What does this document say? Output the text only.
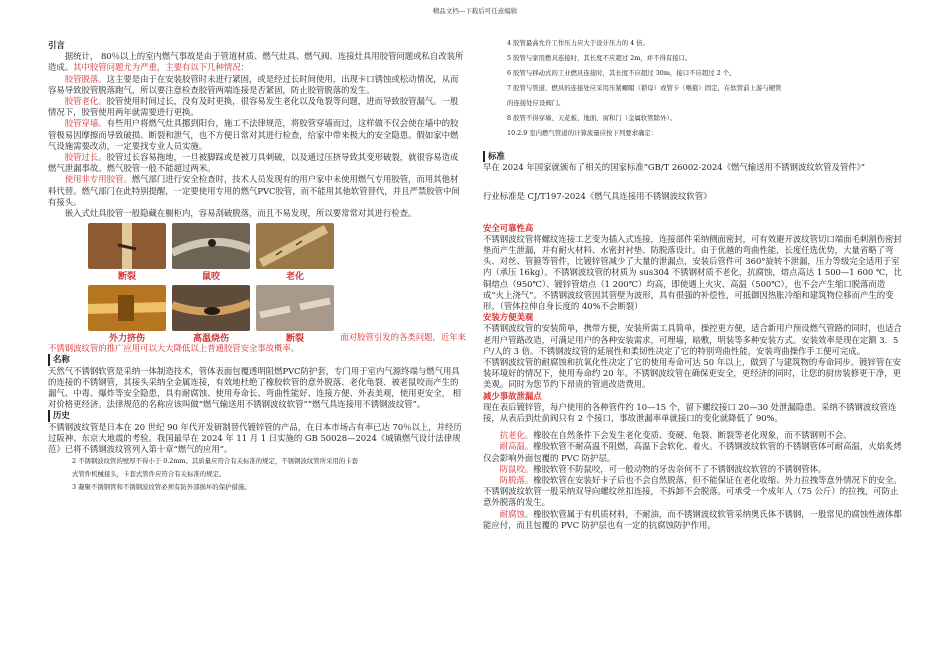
精品文档---下载后可任意编辑
引言

据统计， 80％以上的室内燃气事故是由于管道材质、燃气灶具、燃气阀、连接灶具用胶管问题或私自改装所造成。其中胶管问题尤为严重，主要有以下几种情况：

胶管脱落。这主要是由于在安装胶管时未进行紧固，或是经过长时间使用，出现卡口锈蚀或松动情况，从而容易导致胶管脱落跑气，所以要注意检查胶管两端连接是否紧固，防止胶管脱落的发生。

胶管老化。胶管使用时间过长，没有及时更换，很容易发生老化以及龟裂等问题，进而导致胶管漏气。一般情况下，胶管使用两年就需要进行更换。

胶管穿墙。有些用户将燃气灶具挪到阳台，施工不法律规范，将胶管穿墙而过，这样做不仅会使在墙中的胶管极易因摩擦而导致破损、断裂和泄气，也不方便日常对其进行检查，给家中带来极大的安全隐患。假如家中燃气设施需要改动，一定要找专业人员实施。

胶管过长。胶管过长容易拖地，一旦被脚踩或是被刀具刺破，以及通过压挤导致其变形破裂，就很容易造成燃气泄漏事故。燃气胶管一般不能超过两米。

使用非专用胶管。燃气部门进行安全检查时，技术人员发现有的用户家中未使用燃气专用胶管，而用其他材料代替。燃气部门在此特别提醒，一定要使用专用的燃气PVC胶管，而不能用其他软管替代，并且严禁胶管中间有接头。

嵌入式灶具胶管一般隐藏在橱柜内，容易刮破脱落，而且不易发现，所以要常常对其进行检查。

断裂	鼠咬	老化
外力挤伤	高温烧伤	断裂	面对胶管引发的各类问题，近年来
不锈钢波纹管的推广应用可以大大降低以上普通胶管安全事故概率。
名称

天然气不锈钢软管是采纳一体制造技术，管体表面包覆透明阻燃PVC防护套，专门用于室内气源终端与燃气用具的连接的不锈钢管，其接头采纳全金属连接，有效地杜绝了橡胶软管的意外脱落、老化龟裂、被老鼠咬而产生的漏气、中毒、爆炸等安全隐患，具有耐腐蚀、使用寿命长、弯曲性能好、连接方便、外表美观，使用更安全， 相对价格更经济。法律规范的名称应该叫做“燃气输送用不锈钢波纹软管”“燃气具连接用不锈钢波纹管”。

历史

不锈钢波纹管是日本在 20 世纪 90 年代开发研制替代镀锌管的产品，在日本市场占有率已达 70％以上，并经历过阪神、东京大地震的考验。我国最早在 2024 年 11 月 1 日实施的 GB 50028—2024《城镇燃气设计法律规范》已将不锈钢波纹管列入第十章“燃气的应用”。

2 不锈钢波纹管的壁厚不得小于 0.2mm。其质量应符合有关标准的规定，不锈钢波纹管所采用的卡套
式管件机械接头，卡套式管件应符合有关标准的规定。
3 凝聚不锈钢管和不锈钢波纹管必须有防外部损坏的保护措施。
4 胶管最高允许工作压力应大于设计压力的 4 倍。
5 胶管与家用燃具连接时，其长度不应超过 2m，并不得有接口。
6 胶管与移动式的工业燃具连接时，其长度不应超过 30m，接口不应超过 2 个。
7 胶管与管道、燃具的连接处应采用压紧螺帽（锁母）或管卡（喉箍）固定，在软管前上游与硬管
的连接处应设阀门。
8 胶管不得穿墙、天花板、地面、窗和门（金属软管除外）。
10.2.9 室内燃气管道的计算流量应按下列要求确定：
标准

早在 2024 年国家就颁布了相关的国家标准“GB/T 26002-2024《燃气输送用不锈钢波纹软管及管件》”

行业标准是 CJ/T197-2024《燃气具连接用不锈钢波纹软管》

安全可靠性高

不锈钢波纹管将螺纹连接工艺变为插入式连接，连接部件采纳侧面密封，可有效避开波纹管切口端面毛刺割伤密封垫而产生泄漏，并有耐火材料、水密封衬垫、防脱落设计。由于优越的弯曲性能，长度任选优势，大量省略了弯头、对丝、管箍等管件，比镀锌管减少了大量的泄漏点，安装后管件可 360°旋转不泄漏，压力等级完全适用于室内（承压 16kg）。不锈钢波纹管的材质为 sus304 不锈钢材质不老化，抗腐蚀，熔点高达 1 500—1 600 ℃，比铜熔点（950℃）、镀锌管熔点（1 200℃）均高，即使遇上火灾、高温（500℃），也不会产生缩口脱落而造成“火上浇气”。不锈钢波纹管因其管壁为波形，具有很强的补偿性，可抵御因热胀冷缩和建筑物位移而产生的变形。（管体拉伸自身长度的 40%不会断裂）

安装方便美观

不锈钢波纹管的安装简单，携带方便，安装所需工具简单，操控更方便，适合新用户预设燃气管路的同时，也适合老用户管路改造，可满足用户的各种安装需求，可埋墙，暗敷，明装等多种安装方式。安装效率是现在定额 3．5 户/人的 3 倍。不锈钢波纹管的延展性和柔韧性决定了它的特别弯曲性能，安装弯曲操作手工便可完成。

不锈钢波纹管的耐腐蚀和抗氧化性决定了它的使用寿命可达 50 年以上，做到了与建筑物的寿命同步。镀锌管在安装环境好的情况下，使用寿命约 20 年。不锈钢波纹管在确保更安全，更经济的同时，让您的厨房装修更干净，更美观。同时为您节约下昂贵的管道改造费用。

减少事故泄漏点

现在表后镀锌管，每户使用的各种管件约 10—15 个，留下螺纹接口 20—30 处泄漏隐患。采纳不锈钢波纹管连接，从表后到灶前阀只有 2 个接口，事故泄漏率单就接口的变化就降低了 90%。

抗老化。橡胶在自然条件下会发生老化变质、变硬、龟裂、断裂等老化现象，而不锈钢则不会。

耐高温。橡胶软管不耐高温不阻燃，高温下会软化、着火。不锈钢波纹软管的不锈钢管体可耐高温，火焰炙烤仅会影响外面包覆的 PVC 防护层。

防鼠咬。橡胶软管不防鼠咬，可一般动物的牙齿奈何不了不锈钢波纹软管的不锈钢管体。

防脱落。橡胶软管在安装好卡子后也不会自然脱落，但不能保证在老化收缩、外力拉拽等意外情况下的安全。不锈钢波纹软管一般采纳双导向螺纹丝扣连接，不拆卸不会脱落。可承受一个成年人（75 公斤）的拉拽，可防止意外脱落的发生。

耐腐蚀。橡胶软管属于有机质材料，不耐油，而不锈钢波纹软管采纳奥氏体不锈钢，一般常见的腐蚀性液体都能应付，而且包覆的 PVC 防护层也有一定的抗腐蚀防护作用。
